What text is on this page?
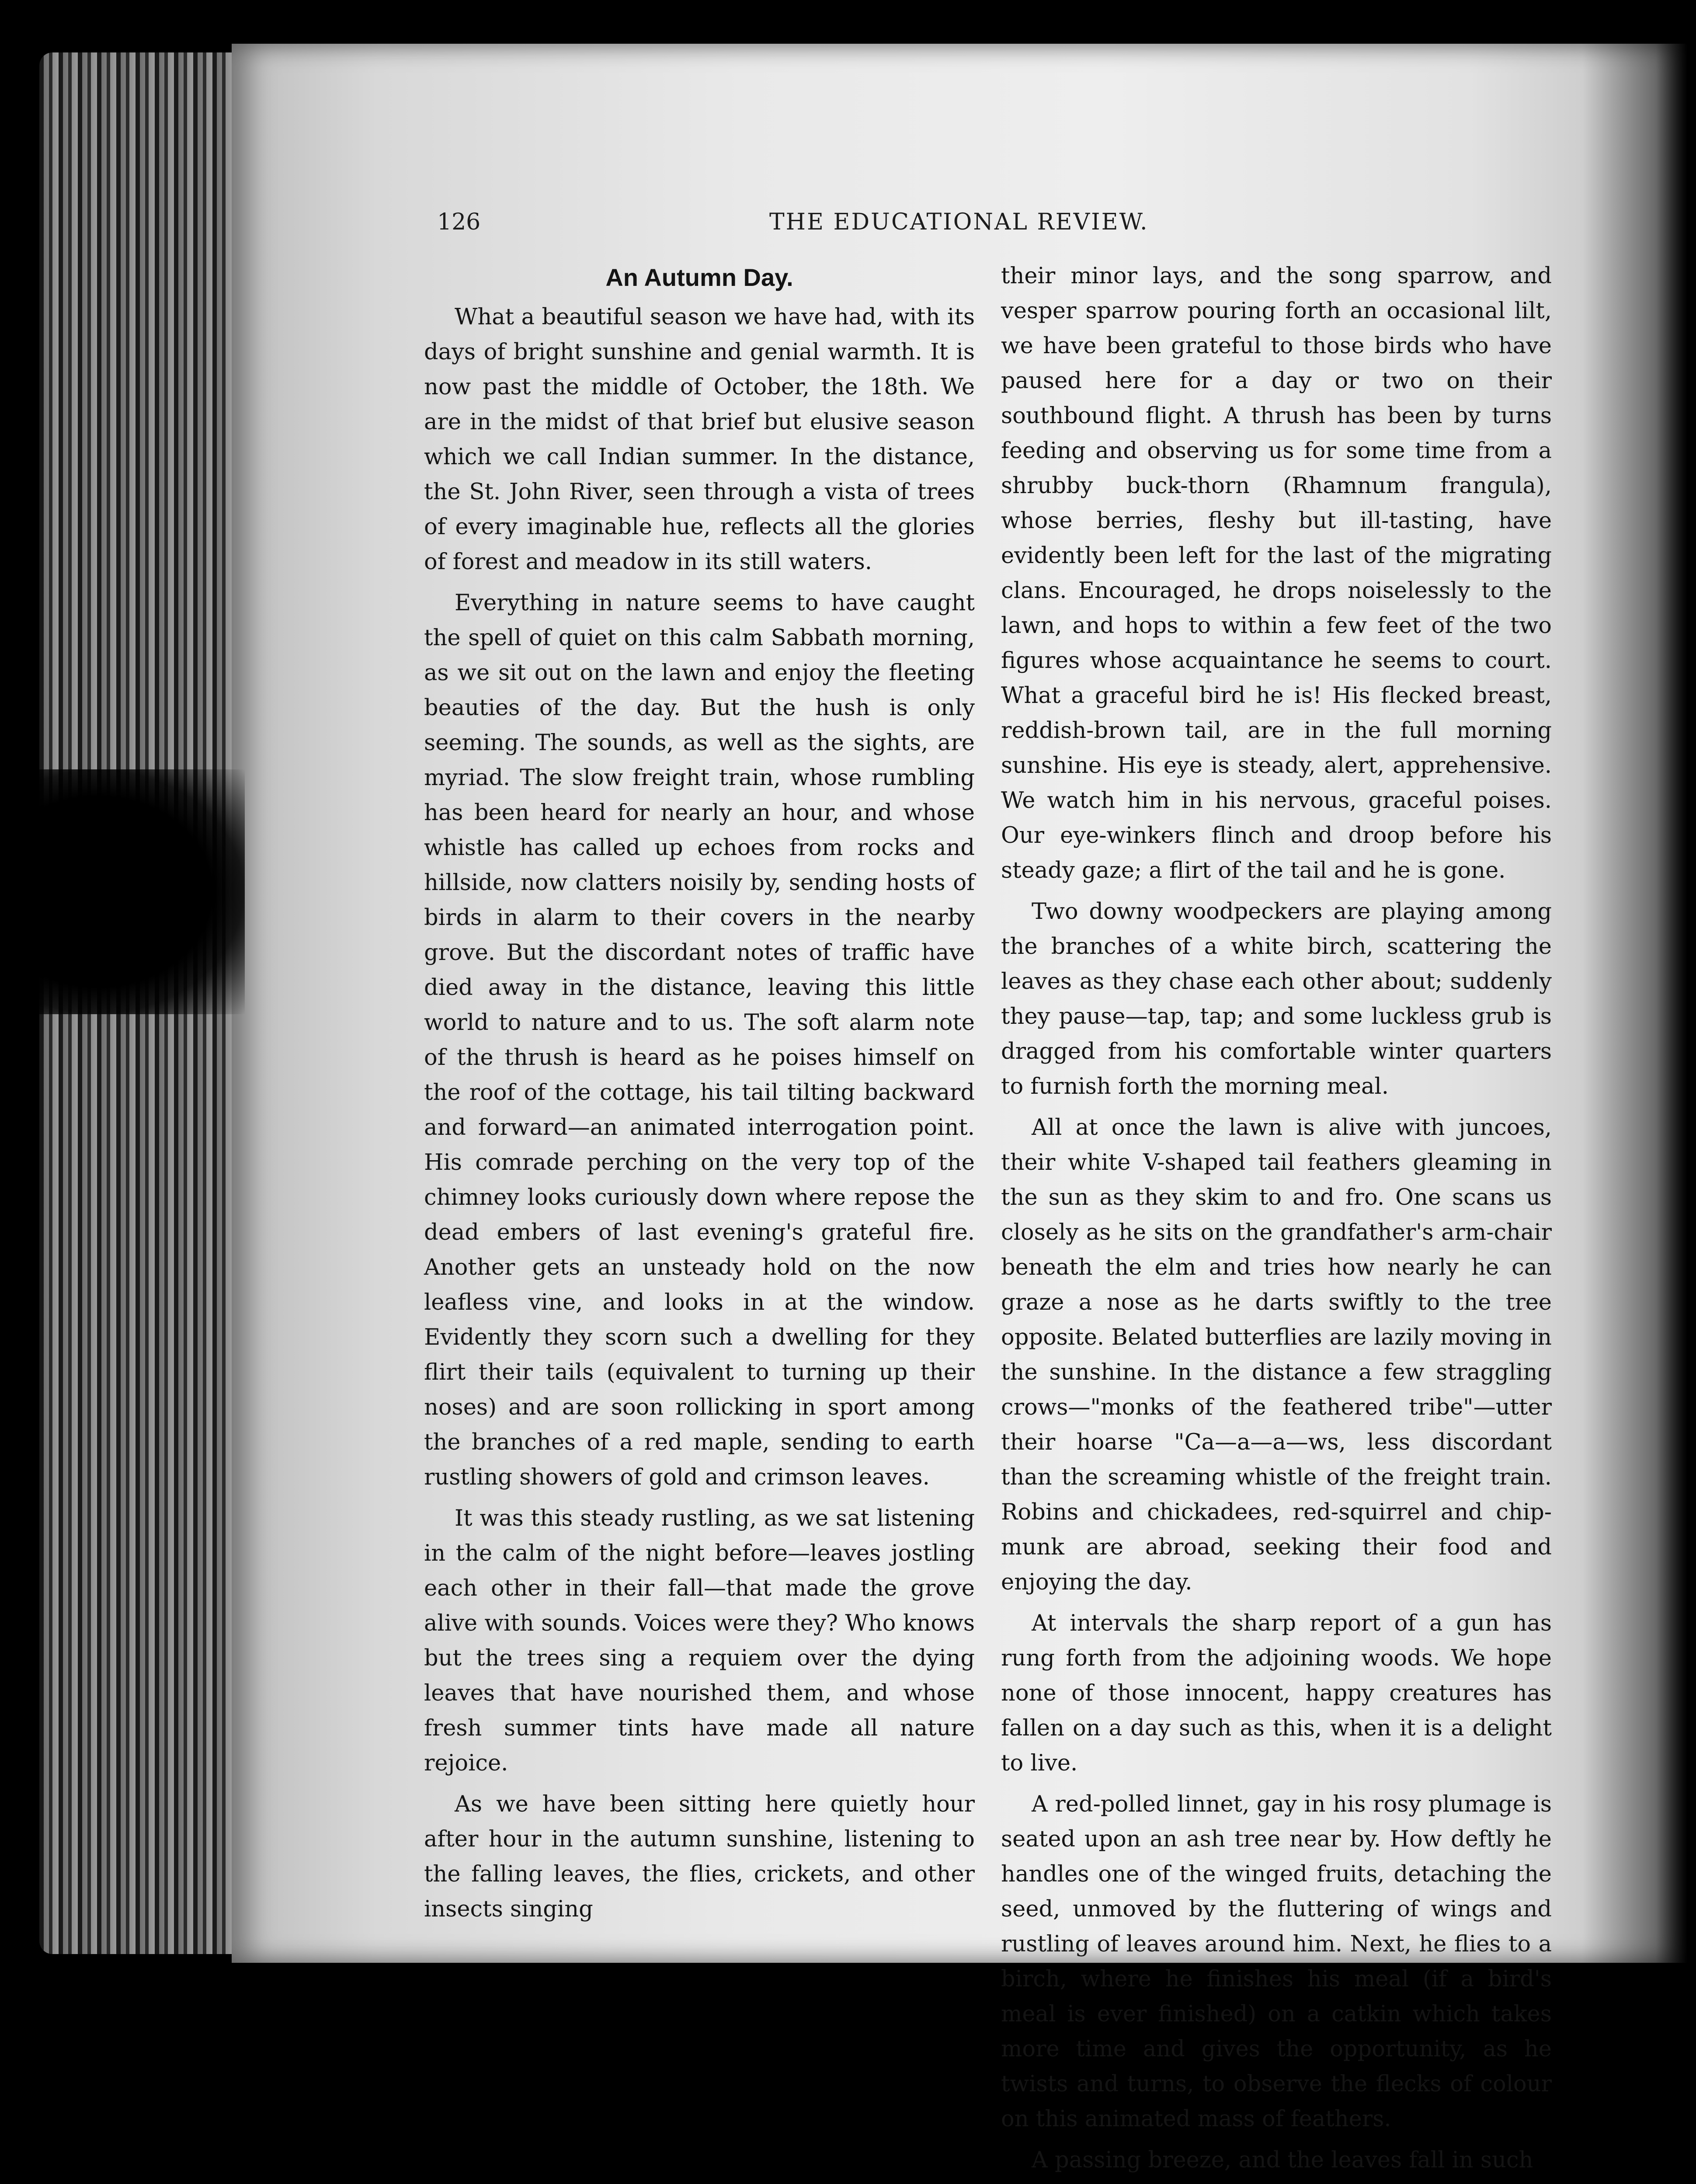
126	THE EDUCATIONAL REVIEW.
An Autumn Day.

What a beautiful season we have had, with its days of bright sunshine and genial warmth. It is now past the middle of October, the 18th. We are in the midst of that brief but elusive season which we call Indian summer. In the distance, the St. John River, seen through a vista of trees of every imaginable hue, reflects all the glories of forest and meadow in its still waters.

Everything in nature seems to have caught the spell of quiet on this calm Sabbath morning, as we sit out on the lawn and enjoy the fleeting beauties of the day. But the hush is only seeming. The sounds, as well as the sights, are myriad. The slow freight train, whose rumbling has been heard for nearly an hour, and whose whistle has called up echoes from rocks and hillside, now clatters noisily by, sending hosts of birds in alarm to their covers in the nearby grove. But the discordant notes of traffic have died away in the distance, leaving this little world to nature and to us. The soft alarm note of the thrush is heard as he poises himself on the roof of the cottage, his tail tilting backward and forward—an animated interrogation point. His comrade perching on the very top of the chimney looks curiously down where repose the dead embers of last evening's grateful fire. Another gets an unsteady hold on the now leafless vine, and looks in at the window. Evidently they scorn such a dwelling for they flirt their tails (equivalent to turning up their noses) and are soon rollicking in sport among the branches of a red maple, sending to earth rustling showers of gold and crimson leaves.

It was this steady rustling, as we sat listening in the calm of the night before—leaves jostling each other in their fall—that made the grove alive with sounds. Voices were they? Who knows but the trees sing a requiem over the dying leaves that have nourished them, and whose fresh summer tints have made all nature rejoice.

As we have been sitting here quietly hour after hour in the autumn sunshine, listening to the falling leaves, the flies, crickets, and other insects singing

their minor lays, and the song sparrow, and vesper sparrow pouring forth an occasional lilt, we have been grateful to those birds who have paused here for a day or two on their southbound flight. A thrush has been by turns feeding and observing us for some time from a shrubby buck-thorn (Rhamnum frangula), whose berries, fleshy but ill-tasting, have evidently been left for the last of the migrating clans. Encouraged, he drops noiselessly to the lawn, and hops to within a few feet of the two figures whose acquaintance he seems to court. What a graceful bird he is! His flecked breast, reddish-brown tail, are in the full morning sunshine. His eye is steady, alert, apprehensive. We watch him in his nervous, graceful poises. Our eye-winkers flinch and droop before his steady gaze; a flirt of the tail and he is gone.

Two downy woodpeckers are playing among the branches of a white birch, scattering the leaves as they chase each other about; suddenly they pause—tap, tap; and some luckless grub is dragged from his comfortable winter quarters to furnish forth the morning meal.

All at once the lawn is alive with juncoes, their white V-shaped tail feathers gleaming in the sun as they skim to and fro. One scans us closely as he sits on the grandfather's arm-chair beneath the elm and tries how nearly he can graze a nose as he darts swiftly to the tree opposite. Belated butterflies are lazily moving in the sunshine. In the distance a few straggling crows—"monks of the feathered tribe"—utter their hoarse "Ca—a—a—ws, less discordant than the screaming whistle of the freight train. Robins and chickadees, red-squirrel and chip-munk are abroad, seeking their food and enjoying the day.

At intervals the sharp report of a gun has rung forth from the adjoining woods. We hope none of those innocent, happy creatures has fallen on a day such as this, when it is a delight to live.

A red-polled linnet, gay in his rosy plumage is seated upon an ash tree near by. How deftly he handles one of the winged fruits, detaching the seed, unmoved by the fluttering of wings and rustling of leaves around him. Next, he flies to a birch, where he finishes his meal (if a bird's meal is ever finished) on a catkin which takes more time and gives the opportunity, as he twists and turns, to observe the flecks of colour on this animated mass of feathers.

A passing breeze, and the leaves fall in such
